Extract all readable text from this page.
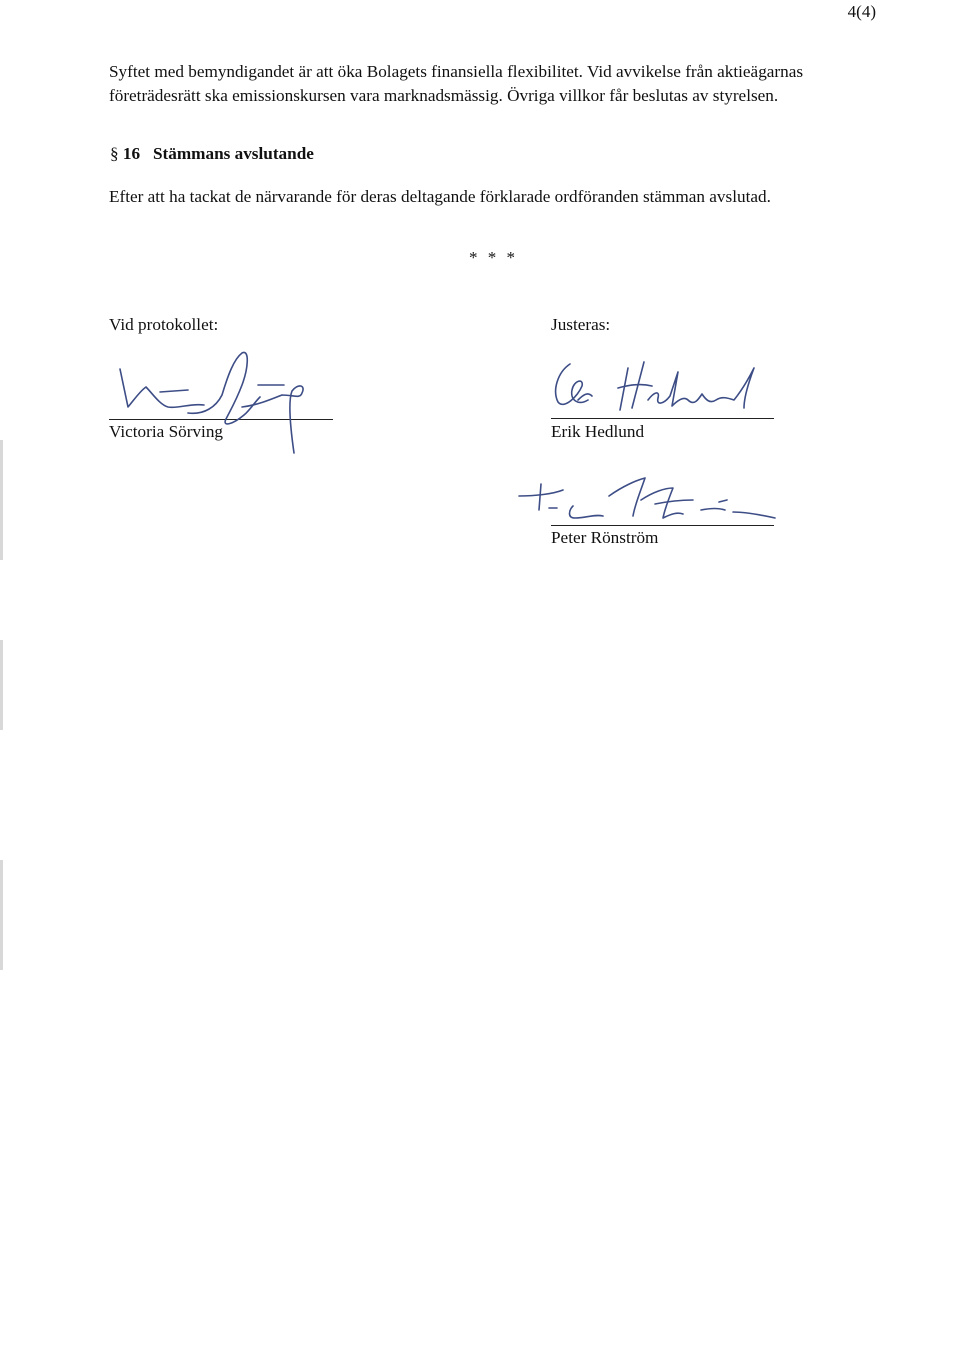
4(4)

Syftet med bemyndigandet är att öka Bolagets finansiella flexibilitet. Vid avvikelse från aktieägarnas
företrädesrätt ska emissionskursen vara marknadsmässig. Övriga villkor får beslutas av styrelsen.

§ 16 Stämmans avslutande

Efter att ha tackat de närvarande för deras deltagande förklarade ordföranden stämman avslutad.

* * *
Vid protokollet:	Justeras:
Victoria Sörving	Erik Hedlund
Peter Rönström
